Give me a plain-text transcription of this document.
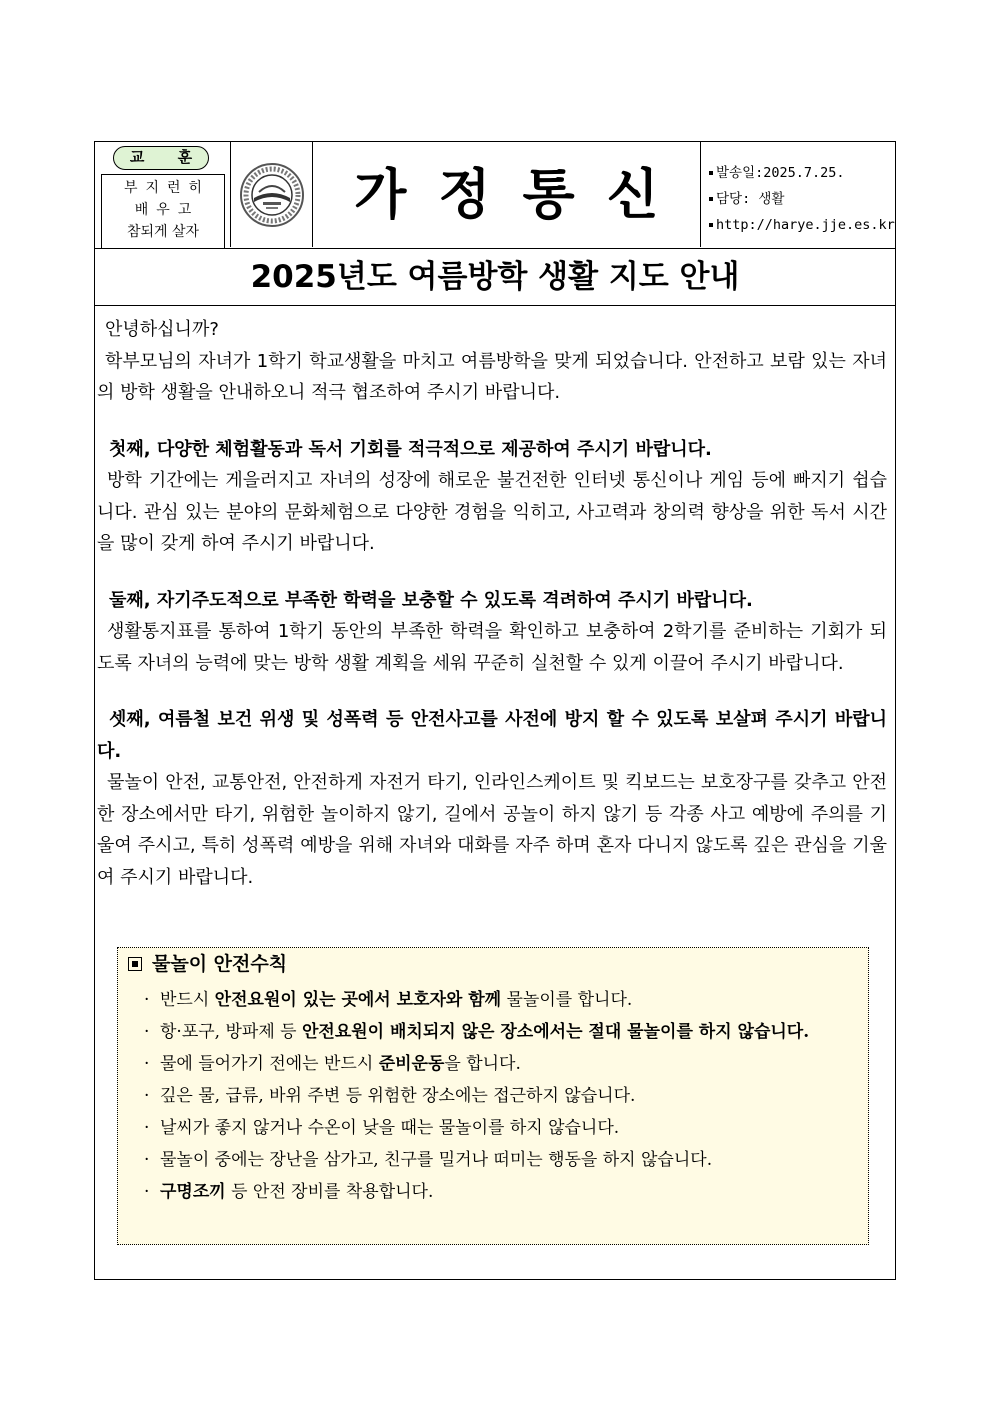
교 훈
부지런히
배우고
참되게 살자
가정통신	발송일:2025.7.25.
담당: 생활
http://harye.jje.es.kr
2025년도 여름방학 생활 지도 안내

안녕하십니까?

학부모님의 자녀가 1학기 학교생활을 마치고 여름방학을 맞게 되었습니다. 안전하고 보람 있는 자녀의 방학 생활을 안내하오니 적극 협조하여 주시기 바랍니다.

첫째, 다양한 체험활동과 독서 기회를 적극적으로 제공하여 주시기 바랍니다.

방학 기간에는 게을러지고 자녀의 성장에 해로운 불건전한 인터넷 통신이나 게임 등에 빠지기 쉽습니다. 관심 있는 분야의 문화체험으로 다양한 경험을 익히고, 사고력과 창의력 향상을 위한 독서 시간을 많이 갖게 하여 주시기 바랍니다.

둘째, 자기주도적으로 부족한 학력을 보충할 수 있도록 격려하여 주시기 바랍니다.

생활통지표를 통하여 1학기 동안의 부족한 학력을 확인하고 보충하여 2학기를 준비하는 기회가 되도록 자녀의 능력에 맞는 방학 생활 계획을 세워 꾸준히 실천할 수 있게 이끌어 주시기 바랍니다.

셋째, 여름철 보건 위생 및 성폭력 등 안전사고를 사전에 방지 할 수 있도록 보살펴 주시기 바랍니다.

물놀이 안전, 교통안전, 안전하게 자전거 타기, 인라인스케이트 및 킥보드는 보호장구를 갖추고 안전한 장소에서만 타기, 위험한 놀이하지 않기, 길에서 공놀이 하지 않기 등 각종 사고 예방에 주의를 기울여 주시고, 특히 성폭력 예방을 위해 자녀와 대화를 자주 하며 혼자 다니지 않도록 깊은 관심을 기울여 주시기 바랍니다.

물놀이 안전수칙
· 반드시 안전요원이 있는 곳에서 보호자와 함께 물놀이를 합니다.
· 항·포구, 방파제 등 안전요원이 배치되지 않은 장소에서는 절대 물놀이를 하지 않습니다.
· 물에 들어가기 전에는 반드시 준비운동을 합니다.
· 깊은 물, 급류, 바위 주변 등 위험한 장소에는 접근하지 않습니다.
· 날씨가 좋지 않거나 수온이 낮을 때는 물놀이를 하지 않습니다.
· 물놀이 중에는 장난을 삼가고, 친구를 밀거나 떠미는 행동을 하지 않습니다.
· 구명조끼 등 안전 장비를 착용합니다.
